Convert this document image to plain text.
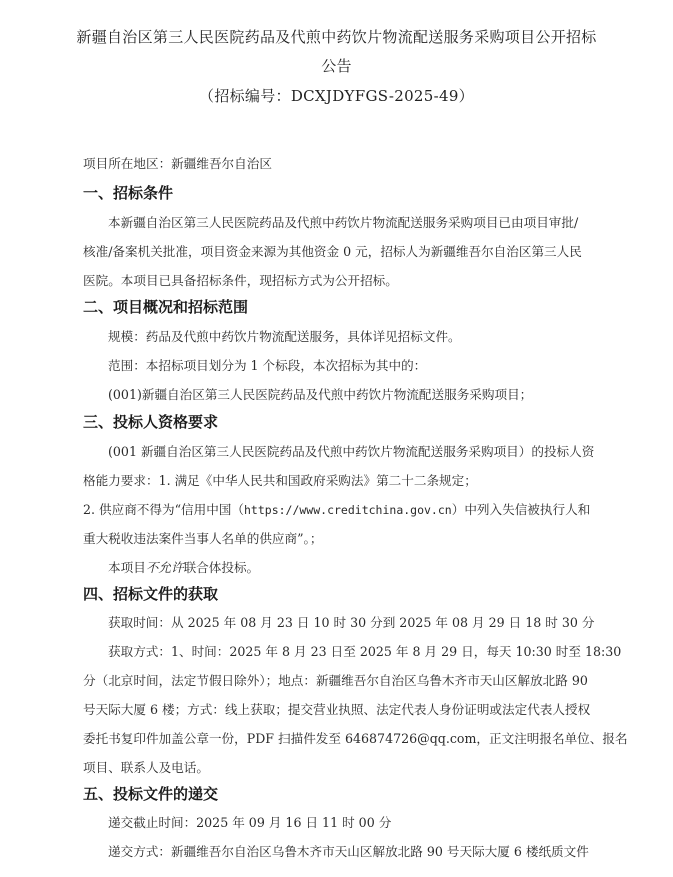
新疆自治区第三人民医院药品及代煎中药饮片物流配送服务采购项目公开招标
公告
（招标编号：DCXJDYFGS-2025-49）
项目所在地区：新疆维吾尔自治区
一、招标条件
本新疆自治区第三人民医院药品及代煎中药饮片物流配送服务采购项目已由项目审批/
核准/备案机关批准，项目资金来源为其他资金 0 元，招标人为新疆维吾尔自治区第三人民
医院。本项目已具备招标条件，现招标方式为公开招标。
二、项目概况和招标范围
规模：药品及代煎中药饮片物流配送服务，具体详见招标文件。
范围：本招标项目划分为 1 个标段，本次招标为其中的：
(001)新疆自治区第三人民医院药品及代煎中药饮片物流配送服务采购项目；
三、投标人资格要求
(001 新疆自治区第三人民医院药品及代煎中药饮片物流配送服务采购项目）的投标人资
格能力要求：1. 满足《中华人民共和国政府采购法》第二十二条规定；
2. 供应商不得为“信用中国（https://www.creditchina.gov.cn）中列入失信被执行人和
重大税收违法案件当事人名单的供应商”。；
本项目不允许联合体投标。
四、招标文件的获取
获取时间：从 2025 年 08 月 23 日 10 时 30 分到 2025 年 08 月 29 日 18 时 30 分
获取方式：1、时间：2025 年 8 月 23 日至 2025 年 8 月 29 日，每天 10:30 时至 18:30
分（北京时间，法定节假日除外）；地点：新疆维吾尔自治区乌鲁木齐市天山区解放北路 90
号天际大厦 6 楼；方式：线上获取；提交营业执照、法定代表人身份证明或法定代表人授权
委托书复印件加盖公章一份，PDF 扫描件发至 646874726@qq.com，正文注明报名单位、报名
项目、联系人及电话。
五、投标文件的递交
递交截止时间：2025 年 09 月 16 日 11 时 00 分
递交方式：新疆维吾尔自治区乌鲁木齐市天山区解放北路 90 号天际大厦 6 楼纸质文件
